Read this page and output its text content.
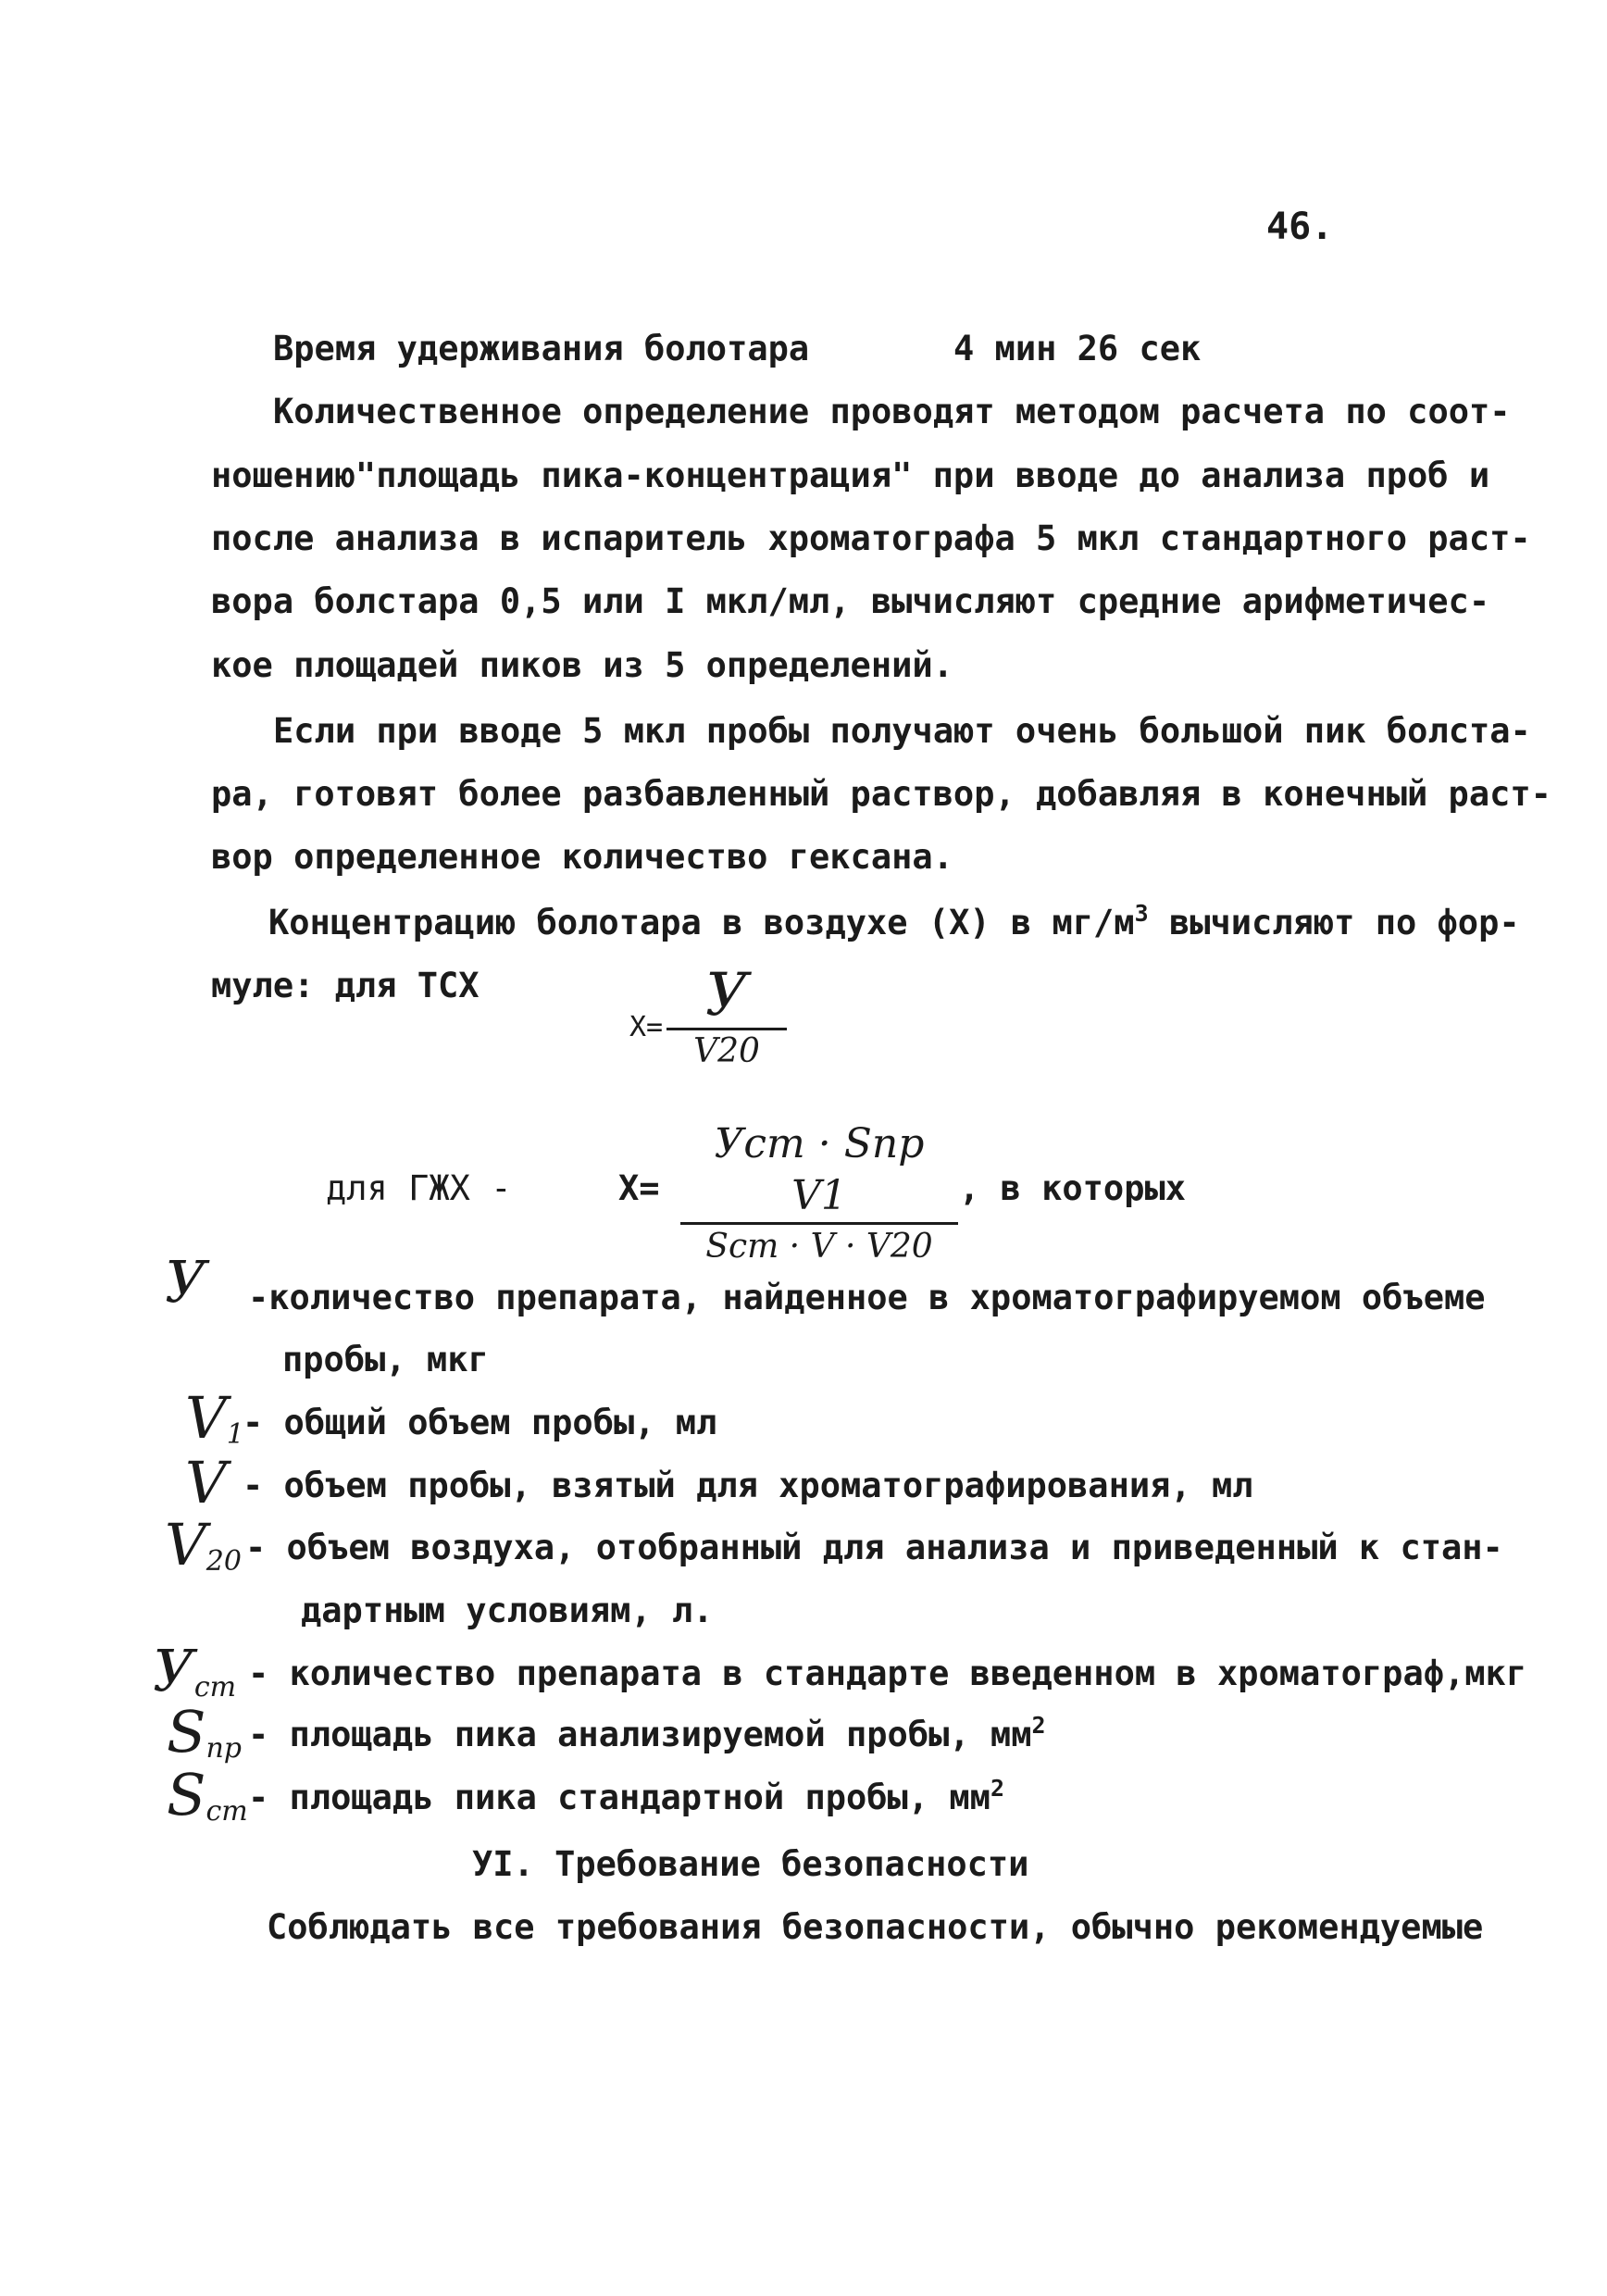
46.
Время удерживания болотара	4 мин 26 сек
Количественное определение проводят методом расчета по соот-
ношению"площадь пика-концентрация" при вводе до анализа проб и
после анализа в испаритель хроматографа 5 мкл стандартного раст-
вора болстара 0,5 или I мкл/мл, вычисляют средние арифметичес-
кое площадей пиков из 5 определений.
Если при вводе 5 мкл пробы получают очень большой пик болста-
ра, готовят более разбавленный раствор, добавляя в конечный раст-
вор определенное количество гексана.
Концентрацию болотара в воздухе (X) в $мг/м^3$ вычисляют по фор-
муле: для ТСХ
X= У
V20
для ГЖХ -	X=
Уст · Sпр V1
Sст · V · V20
, в которых
У -количество препарата, найденное в хроматографируемом объеме
пробы, мкг
$V_1$
- общий объем пробы, мл
V - объем пробы, взятый для хроматографирования, мл
$V_{20}$ - объем воздуха, отобранный для анализа и приведенный к стан-
дартным условиям, л.
$У_{ст}$ - количество препарата в стандарте введенном в хроматограф,мкг
$S_{пр}$ - площадь пика анализируемой пробы, $мм^2$
$S_{ст}$ - площадь пика стандартной пробы, $мм^2$
УI. Требование безопасности
Соблюдать все требования безопасности, обычно рекомендуемые
